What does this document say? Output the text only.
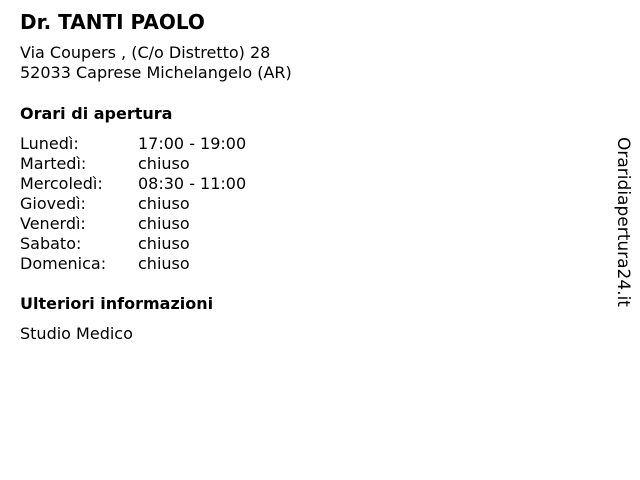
Dr. TANTI PAOLO
Via Coupers , (C/o Distretto) 28
52033 Caprese Michelangelo (AR)
Orari di apertura
Lunedì:	17:00 - 19:00
Martedì:	chiuso
Mercoledì: 08:30 - 11:00
Giovedì:	chiuso
Venerdì:	chiuso
Sabato:	chiuso
Domenica: chiuso
Ulteriori informazioni
Studio Medico
Oraridiapertura24.it
